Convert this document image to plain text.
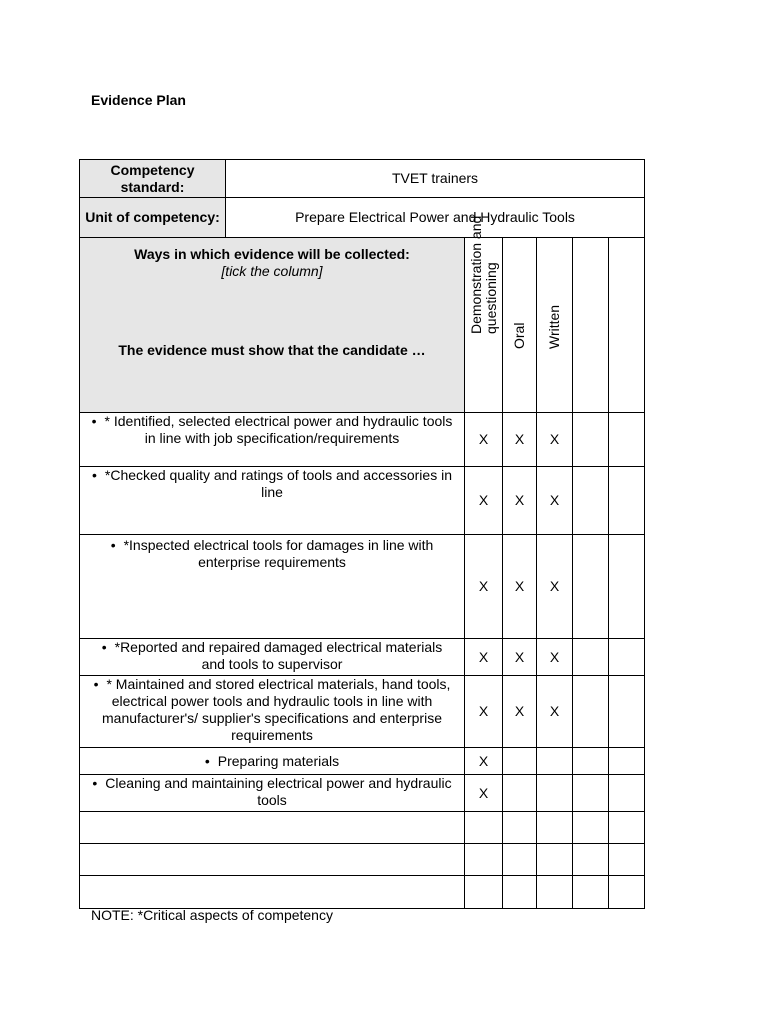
Evidence Plan
Competency standard:	TVET trainers					
Unit of competency:	Prepare Electrical Power and Hydraulic Tools					

Ways in which evidence will be collected:
[tick the column]
The evidence must show that the candidate …		Demonstration and questioning	Oral	Written		

• * Identified, selected electrical power and hydraulic tools in line with job specification/requirements		X	X	X		
• *Checked quality and ratings of tools and accessories in line		X	X	X		
• *Inspected electrical tools for damages in line with enterprise requirements		X	X	X		
• *Reported and repaired damaged electrical materials and tools to supervisor		X	X	X		
• * Maintained and stored electrical materials, hand tools, electrical power tools and hydraulic tools in line with manufacturer's/ supplier's specifications and enterprise requirements		X	X	X		
• Preparing materials		X				
• Cleaning and maintaining electrical power and hydraulic tools		X				

NOTE: *Critical aspects of competency
